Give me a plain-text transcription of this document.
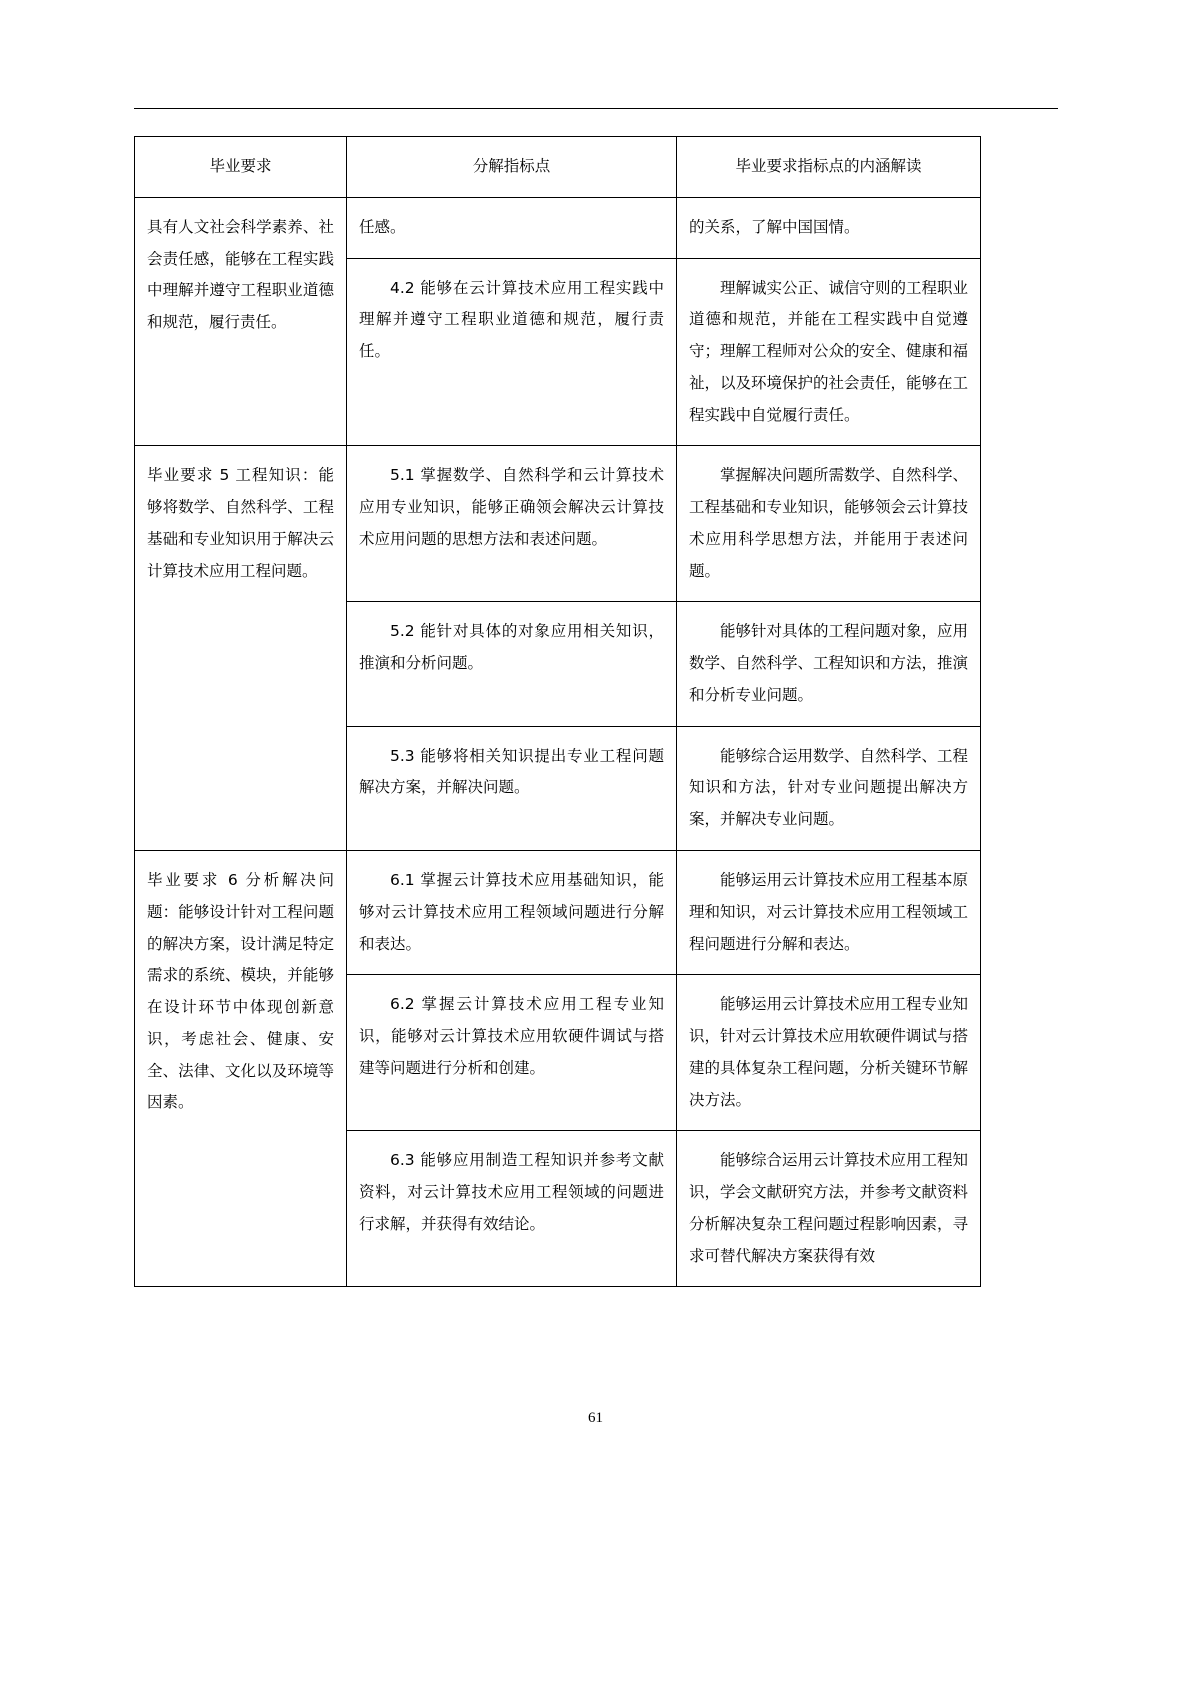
毕业要求	分解指标点	毕业要求指标点的内涵解读
具有人文社会科学素养、社会责任感，能够在工程实践中理解并遵守工程职业道德和规范，履行责任。	任感。	的关系，了解中国国情。
	4.2 能够在云计算技术应用工程实践中理解并遵守工程职业道德和规范，履行责任。	理解诚实公正、诚信守则的工程职业道德和规范，并能在工程实践中自觉遵守；理解工程师对公众的安全、健康和福祉，以及环境保护的社会责任，能够在工程实践中自觉履行责任。
毕业要求 5 工程知识：能够将数学、自然科学、工程基础和专业知识用于解决云计算技术应用工程问题。	5.1 掌握数学、自然科学和云计算技术应用专业知识，能够正确领会解决云计算技术应用问题的思想方法和表述问题。	掌握解决问题所需数学、自然科学、工程基础和专业知识，能够领会云计算技术应用科学思想方法，并能用于表述问题。
	5.2 能针对具体的对象应用相关知识，推演和分析问题。	能够针对具体的工程问题对象，应用数学、自然科学、工程知识和方法，推演和分析专业问题。
	5.3 能够将相关知识提出专业工程问题解决方案，并解决问题。	能够综合运用数学、自然科学、工程知识和方法，针对专业问题提出解决方案，并解决专业问题。
毕业要求 6 分析解决问题：能够设计针对工程问题的解决方案，设计满足特定需求的系统、模块，并能够在设计环节中体现创新意识，考虑社会、健康、安全、法律、文化以及环境等因素。	6.1 掌握云计算技术应用基础知识，能够对云计算技术应用工程领域问题进行分解和表达。	能够运用云计算技术应用工程基本原理和知识，对云计算技术应用工程领域工程问题进行分解和表达。
	6.2 掌握云计算技术应用工程专业知识，能够对云计算技术应用软硬件调试与搭建等问题进行分析和创建。	能够运用云计算技术应用工程专业知识，针对云计算技术应用软硬件调试与搭建的具体复杂工程问题，分析关键环节解决方法。
	6.3 能够应用制造工程知识并参考文献资料，对云计算技术应用工程领域的问题进行求解，并获得有效结论。	能够综合运用云计算技术应用工程知识，学会文献研究方法，并参考文献资料分析解决复杂工程问题过程影响因素，寻求可替代解决方案获得有效
61
